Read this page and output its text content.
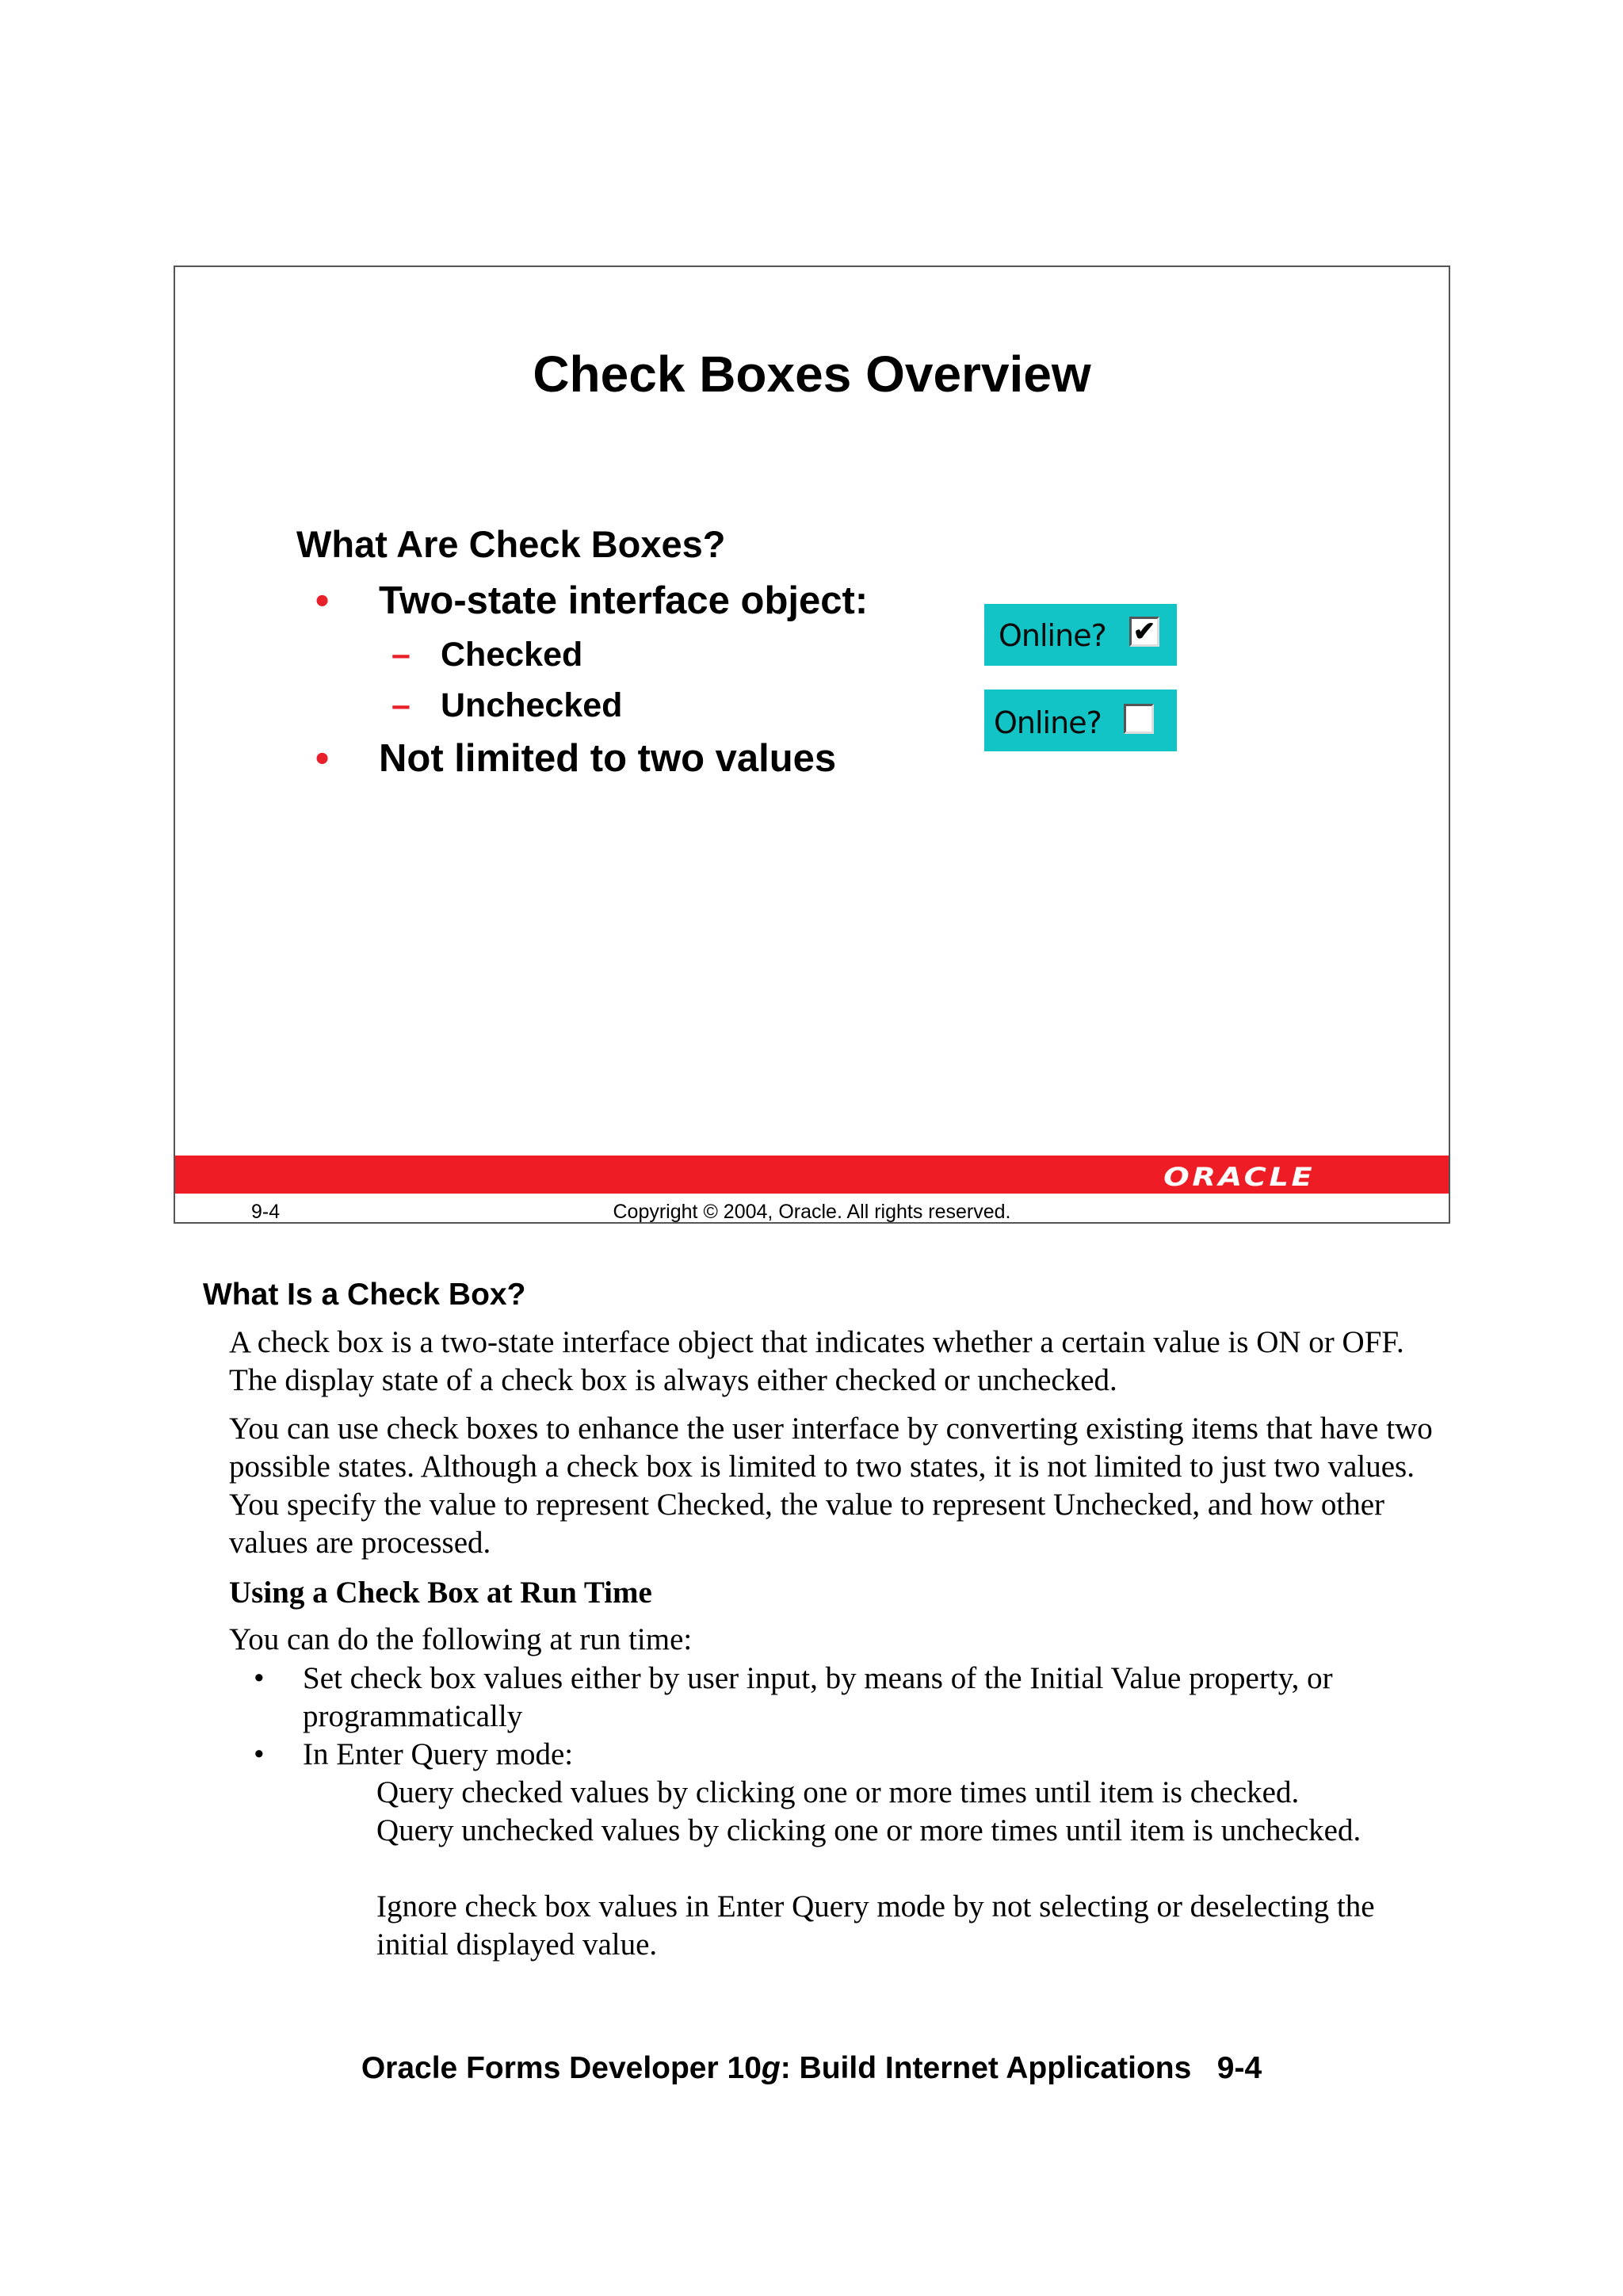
Check Boxes Overview
What Are Check Boxes?
• Two-state interface object:
– Checked
– Unchecked
• Not limited to two values
Online? ✔
Online?
ORACLE
9-4	Copyright © 2004, Oracle. All rights reserved.
What Is a Check Box?
A check box is a two-state interface object that indicates whether a certain value is ON or OFF. The display state of a check box is always either checked or unchecked.
You can use check boxes to enhance the user interface by converting existing items that have two possible states. Although a check box is limited to two states, it is not limited to just two values. You specify the value to represent Checked, the value to represent Unchecked, and how other values are processed.
Using a Check Box at Run Time
You can do the following at run time:
• Set check box values either by user input, by means of the Initial Value property, or programmatically
• In Enter Query mode:
Query checked values by clicking one or more times until item is checked.
Query unchecked values by clicking one or more times until item is unchecked.
Ignore check box values in Enter Query mode by not selecting or deselecting the initial displayed value.
Oracle Forms Developer 10g: Build Internet Applications 9-4
